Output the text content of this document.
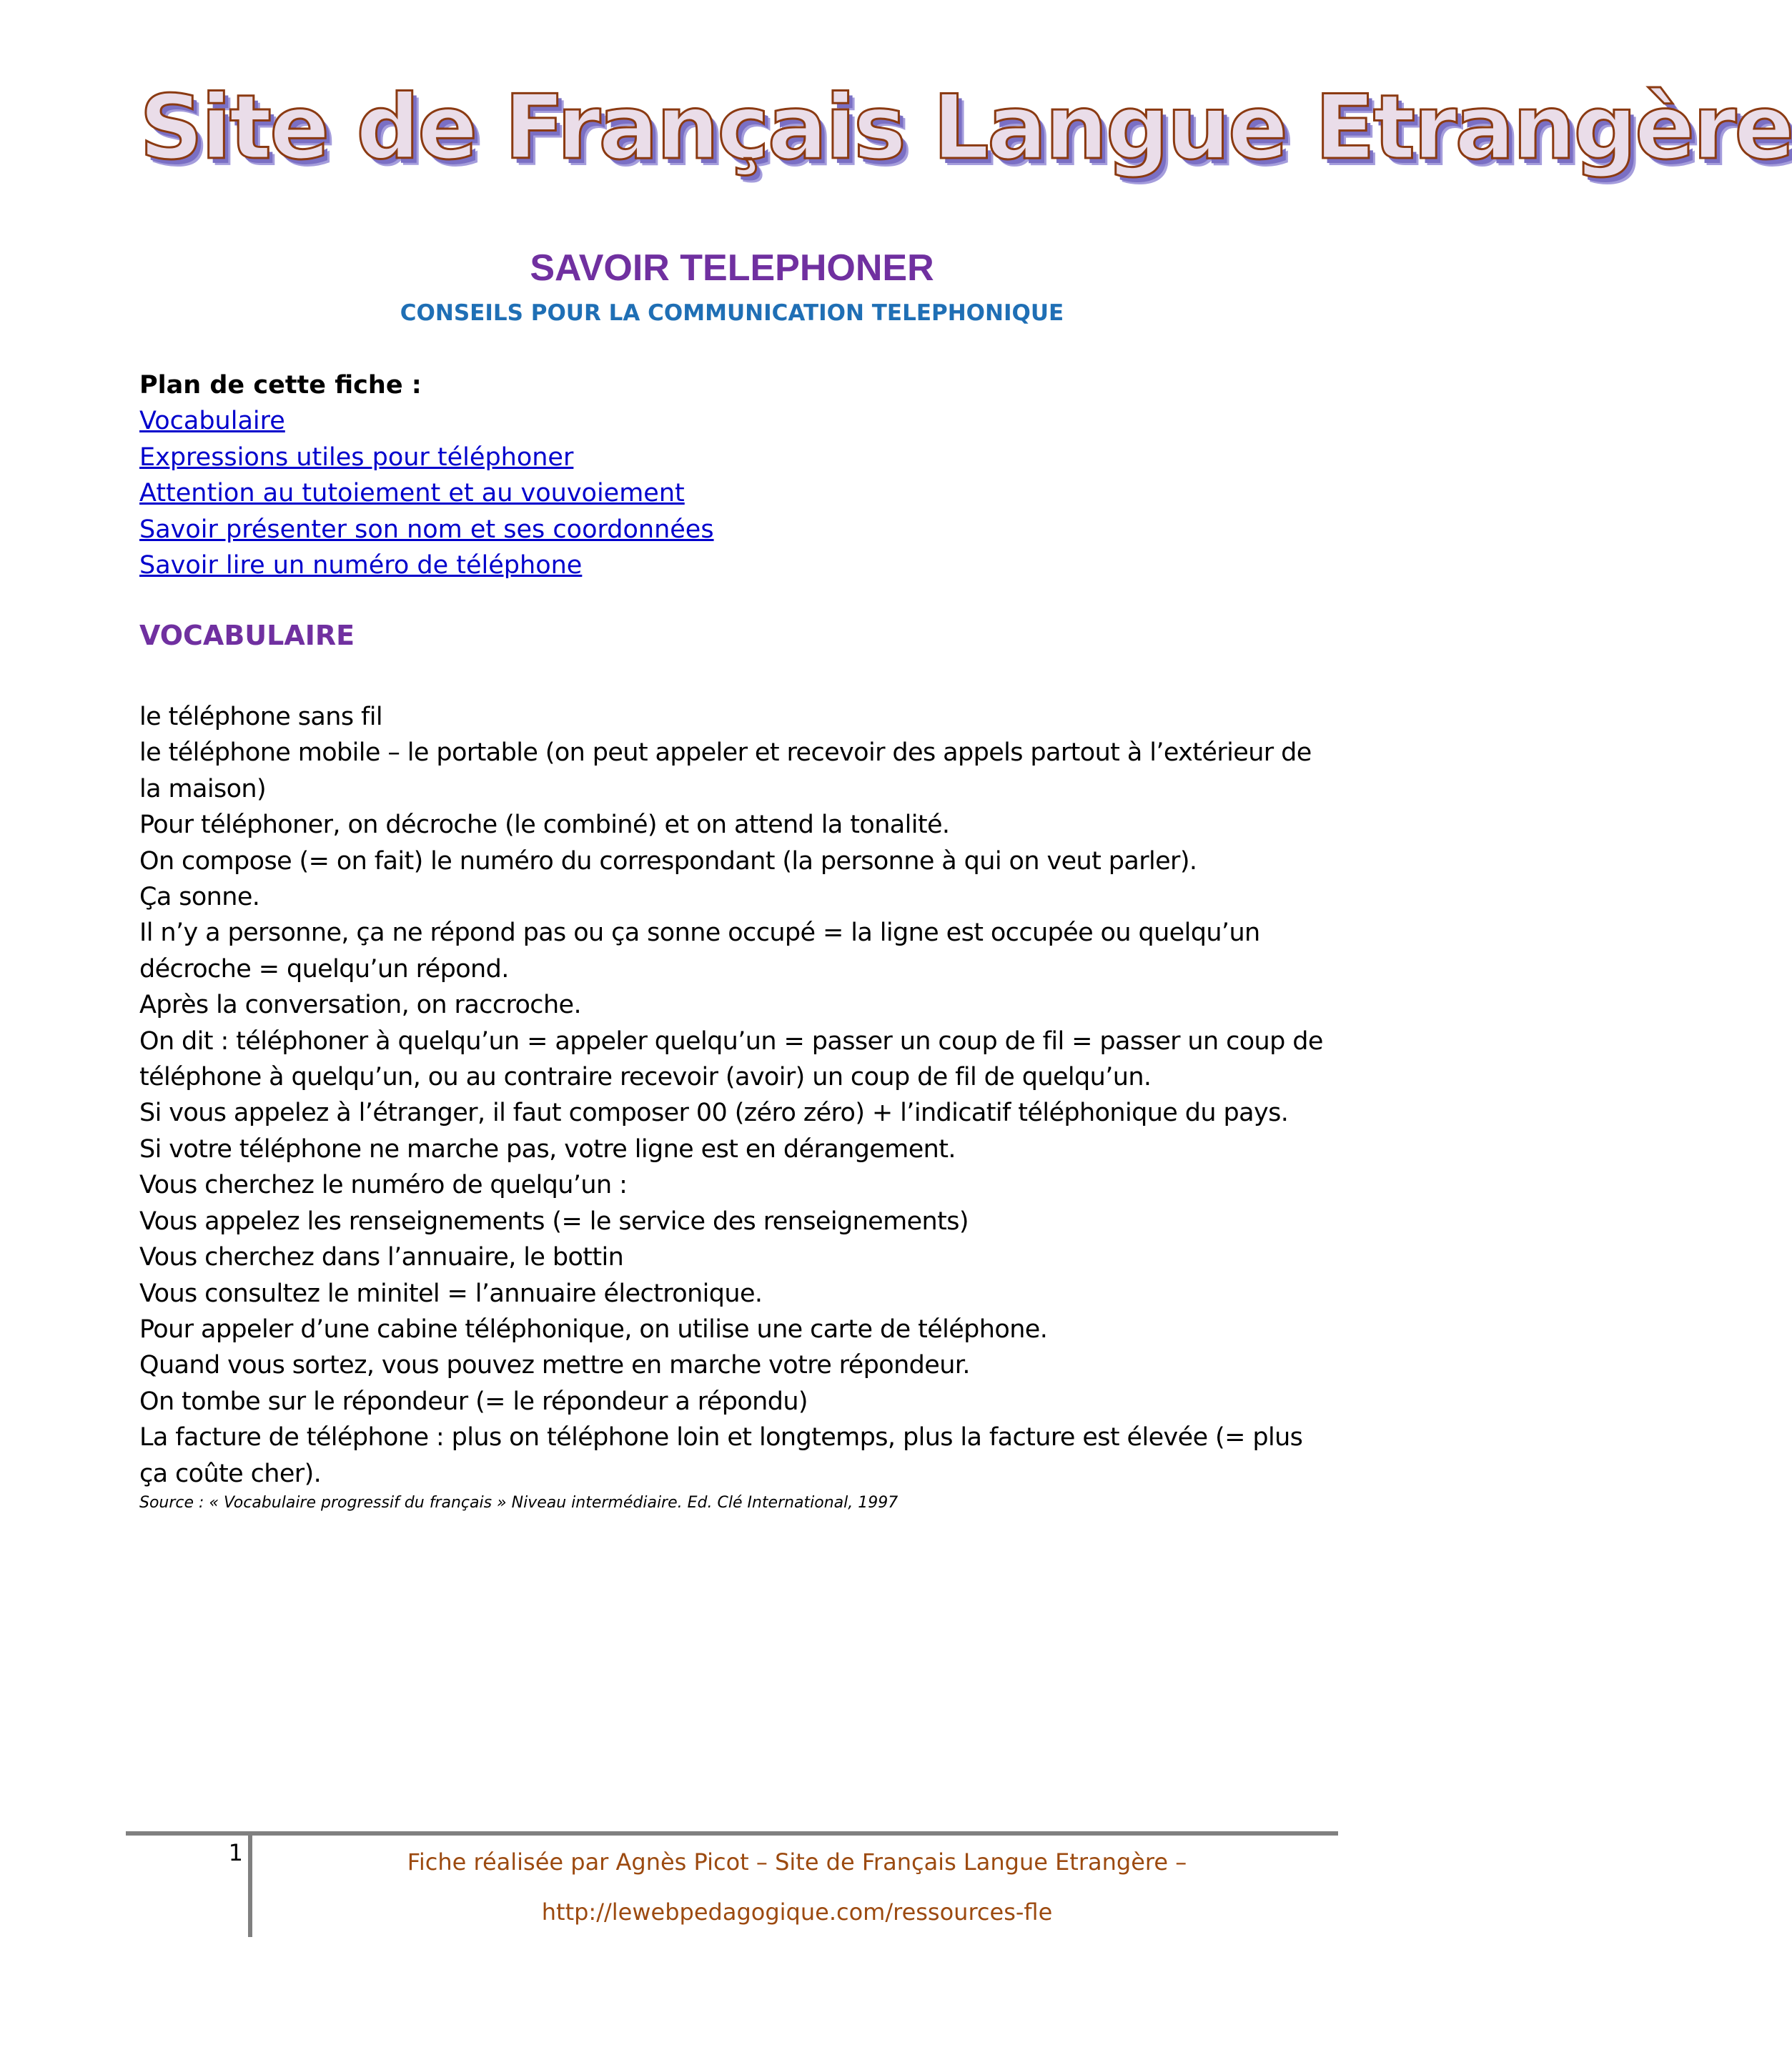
Site de Français Langue Etrangère
SAVOIR TELEPHONER
CONSEILS POUR LA COMMUNICATION TELEPHONIQUE
Plan de cette fiche :
Vocabulaire
Expressions utiles pour téléphoner
Attention au tutoiement et au vouvoiement
Savoir présenter son nom et ses coordonnées
Savoir lire un numéro de téléphone
VOCABULAIRE

le téléphone sans fil

le téléphone mobile – le portable (on peut appeler et recevoir des appels partout à l’extérieur de la maison)

Pour téléphoner, on décroche (le combiné) et on attend la tonalité.

On compose (= on fait) le numéro du correspondant (la personne à qui on veut parler).

Ça sonne.

Il n’y a personne, ça ne répond pas ou ça sonne occupé = la ligne est occupée ou quelqu’un décroche = quelqu’un répond.

Après la conversation, on raccroche.

On dit : téléphoner à quelqu’un = appeler quelqu’un = passer un coup de fil = passer un coup de téléphone à quelqu’un, ou au contraire recevoir (avoir) un coup de fil de quelqu’un.

Si vous appelez à l’étranger, il faut composer 00 (zéro zéro) + l’indicatif téléphonique du pays.

Si votre téléphone ne marche pas, votre ligne est en dérangement.

Vous cherchez le numéro de quelqu’un :

Vous appelez les renseignements (= le service des renseignements)

Vous cherchez dans l’annuaire, le bottin

Vous consultez le minitel = l’annuaire électronique.

Pour appeler d’une cabine téléphonique, on utilise une carte de téléphone.

Quand vous sortez, vous pouvez mettre en marche votre répondeur.

On tombe sur le répondeur (= le répondeur a répondu)

La facture de téléphone : plus on téléphone loin et longtemps, plus la facture est élevée (= plus ça coûte cher).

Source : « Vocabulaire progressif du français » Niveau intermédiaire. Ed. Clé International, 1997
1	Fiche réalisée par Agnès Picot – Site de Français Langue Etrangère –
http://lewebpedagogique.com/ressources-fle
